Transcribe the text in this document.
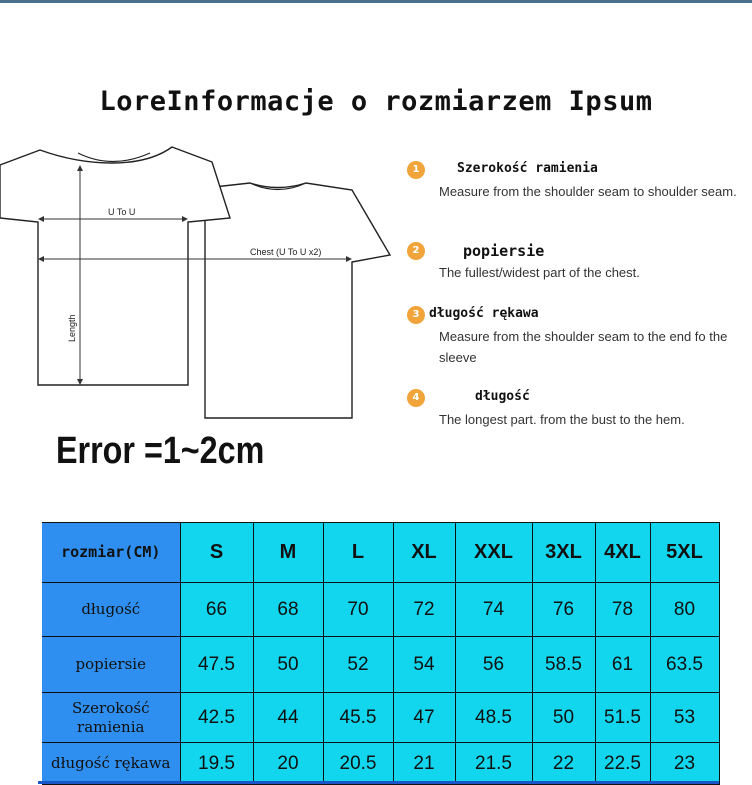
LoreInformacje o rozmiarzem Ipsum
U To U
Chest (U To U x2)
Length
Error =1~2cm
1	Szerokość ramienia
Measure from the shoulder seam to shoulder seam.
2	popiersie
The fullest/widest part of the chest.
3 długość rękawa
Measure from the shoulder seam to the end fo the sleeve
4	długość
The longest part. from the bust to the hem.
rozmiar(CM)	S	M	L	XL	XXL	3XL	4XL	5XL
długość	66	68	70	72	74	76	78	80
popiersie	47.5	50	52	54	56	58.5	61	63.5
Szerokość ramienia	42.5	44	45.5	47	48.5	50	51.5	53
długość rękawa	19.5	20	20.5	21	21.5	22	22.5	23
